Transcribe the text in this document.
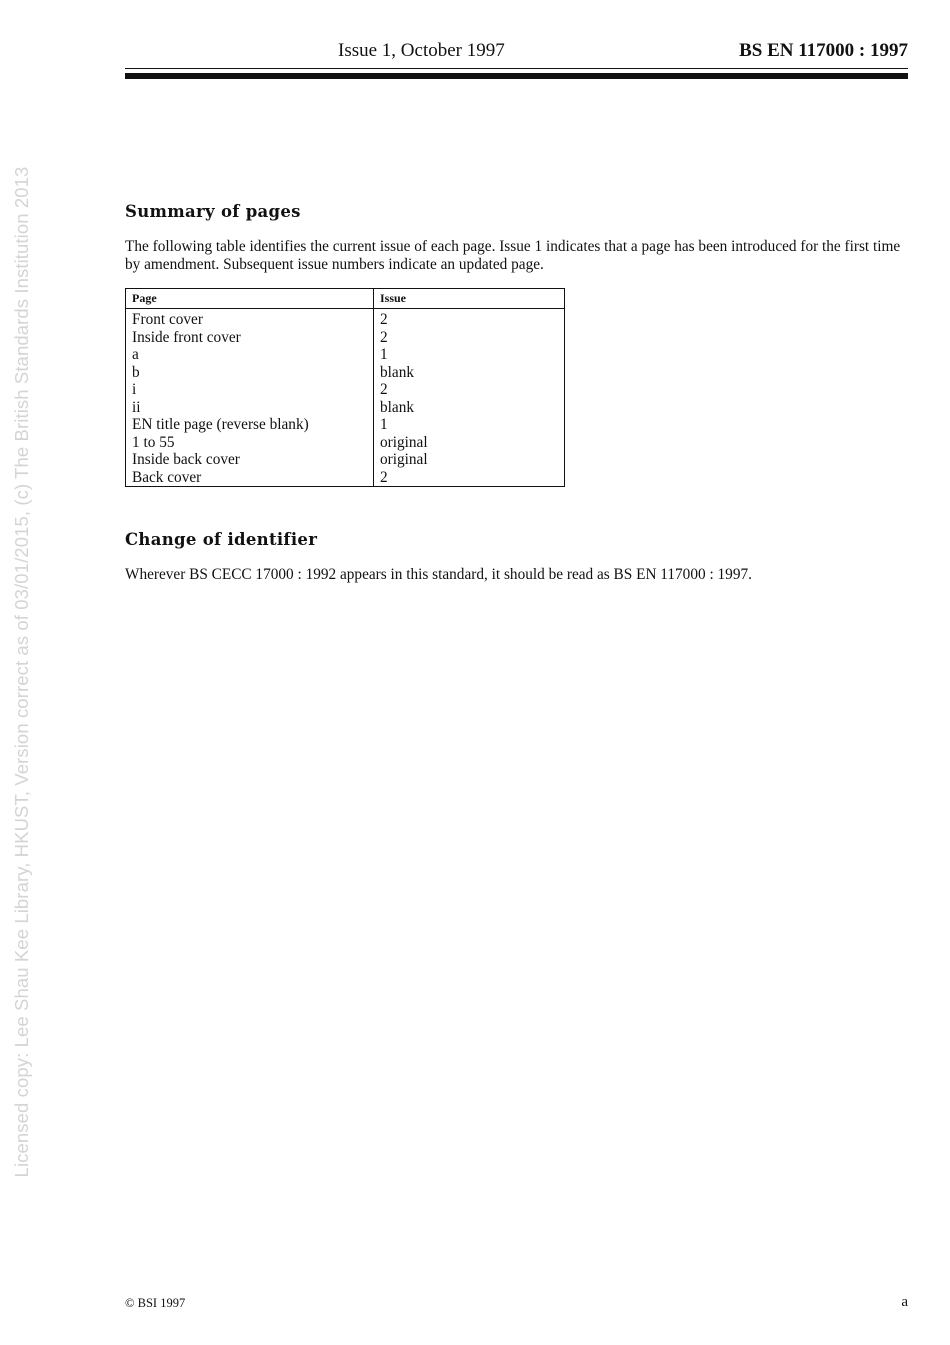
Issue 1, October 1997	BS EN 117000 : 1997
Licensed copy: Lee Shau Kee Library, HKUST, Version correct as of 03/01/2015, (c) The British Standards Institution 2013	Summary of pages

The following table identifies the current issue of each page. Issue 1 indicates that a page has been introduced for the first time by amendment. Subsequent issue numbers indicate an updated page.

Page	Issue
Front cover	2
Inside front cover	2
a	1
b	blank
i	2
ii	blank
EN title page (reverse blank)	1
1 to 55	original
Inside back cover	original
Back cover	2
Change of identifier

Wherever BS CECC 17000 : 1992 appears in this standard, it should be read as BS EN 117000 : 1997.

© BSI 1997	a
